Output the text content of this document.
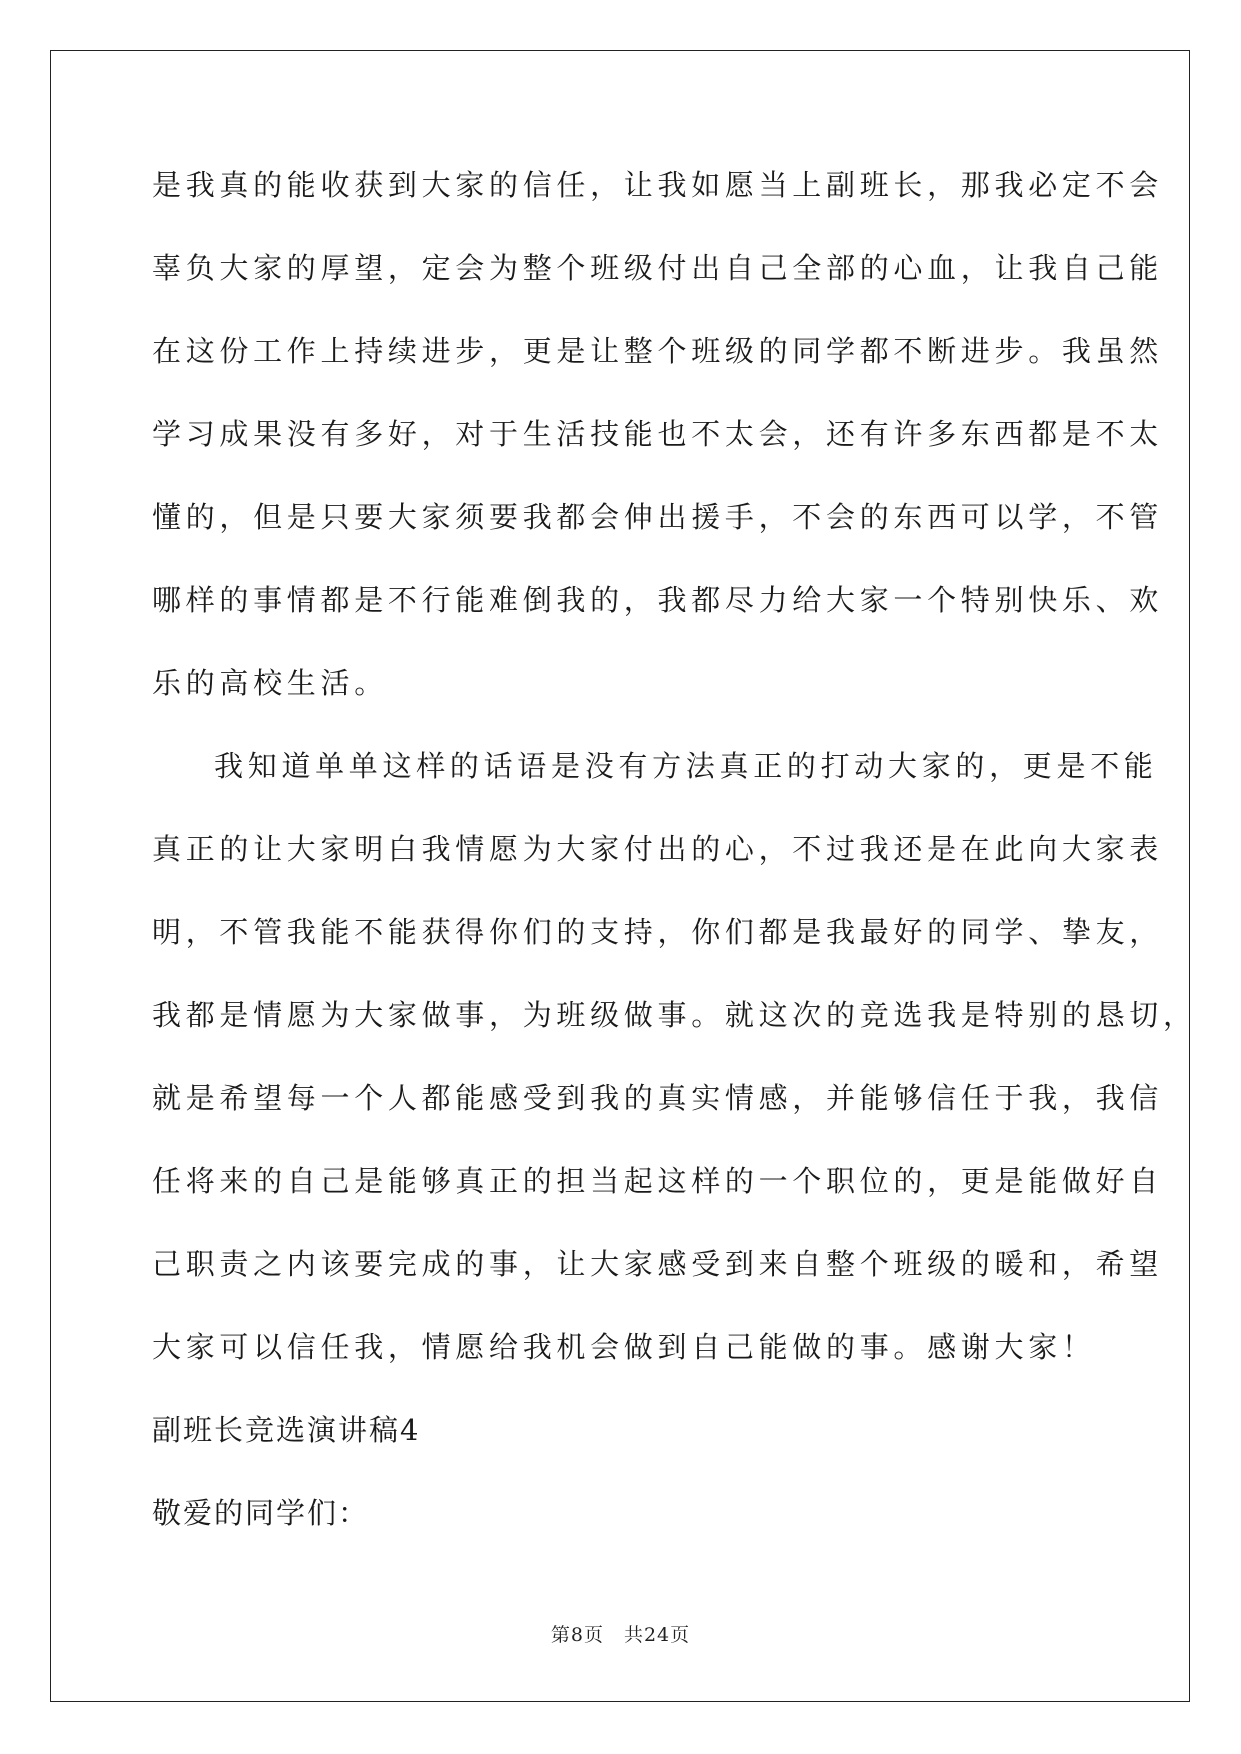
是我真的能收获到大家的信任，让我如愿当上副班长，那我必定不会
辜负大家的厚望，定会为整个班级付出自己全部的心血，让我自己能
在这份工作上持续进步，更是让整个班级的同学都不断进步。我虽然
学习成果没有多好，对于生活技能也不太会，还有许多东西都是不太
懂的，但是只要大家须要我都会伸出援手，不会的东西可以学，不管
哪样的事情都是不行能难倒我的，我都尽力给大家一个特别快乐、欢
乐的高校生活。
我知道单单这样的话语是没有方法真正的打动大家的，更是不能
真正的让大家明白我情愿为大家付出的心，不过我还是在此向大家表
明，不管我能不能获得你们的支持，你们都是我最好的同学、挚友，
我都是情愿为大家做事，为班级做事。就这次的竞选我是特别的恳切，
就是希望每一个人都能感受到我的真实情感，并能够信任于我，我信
任将来的自己是能够真正的担当起这样的一个职位的，更是能做好自
己职责之内该要完成的事，让大家感受到来自整个班级的暖和，希望
大家可以信任我，情愿给我机会做到自己能做的事。感谢大家！
副班长竞选演讲稿4
敬爱的同学们：
第8页　共24页
